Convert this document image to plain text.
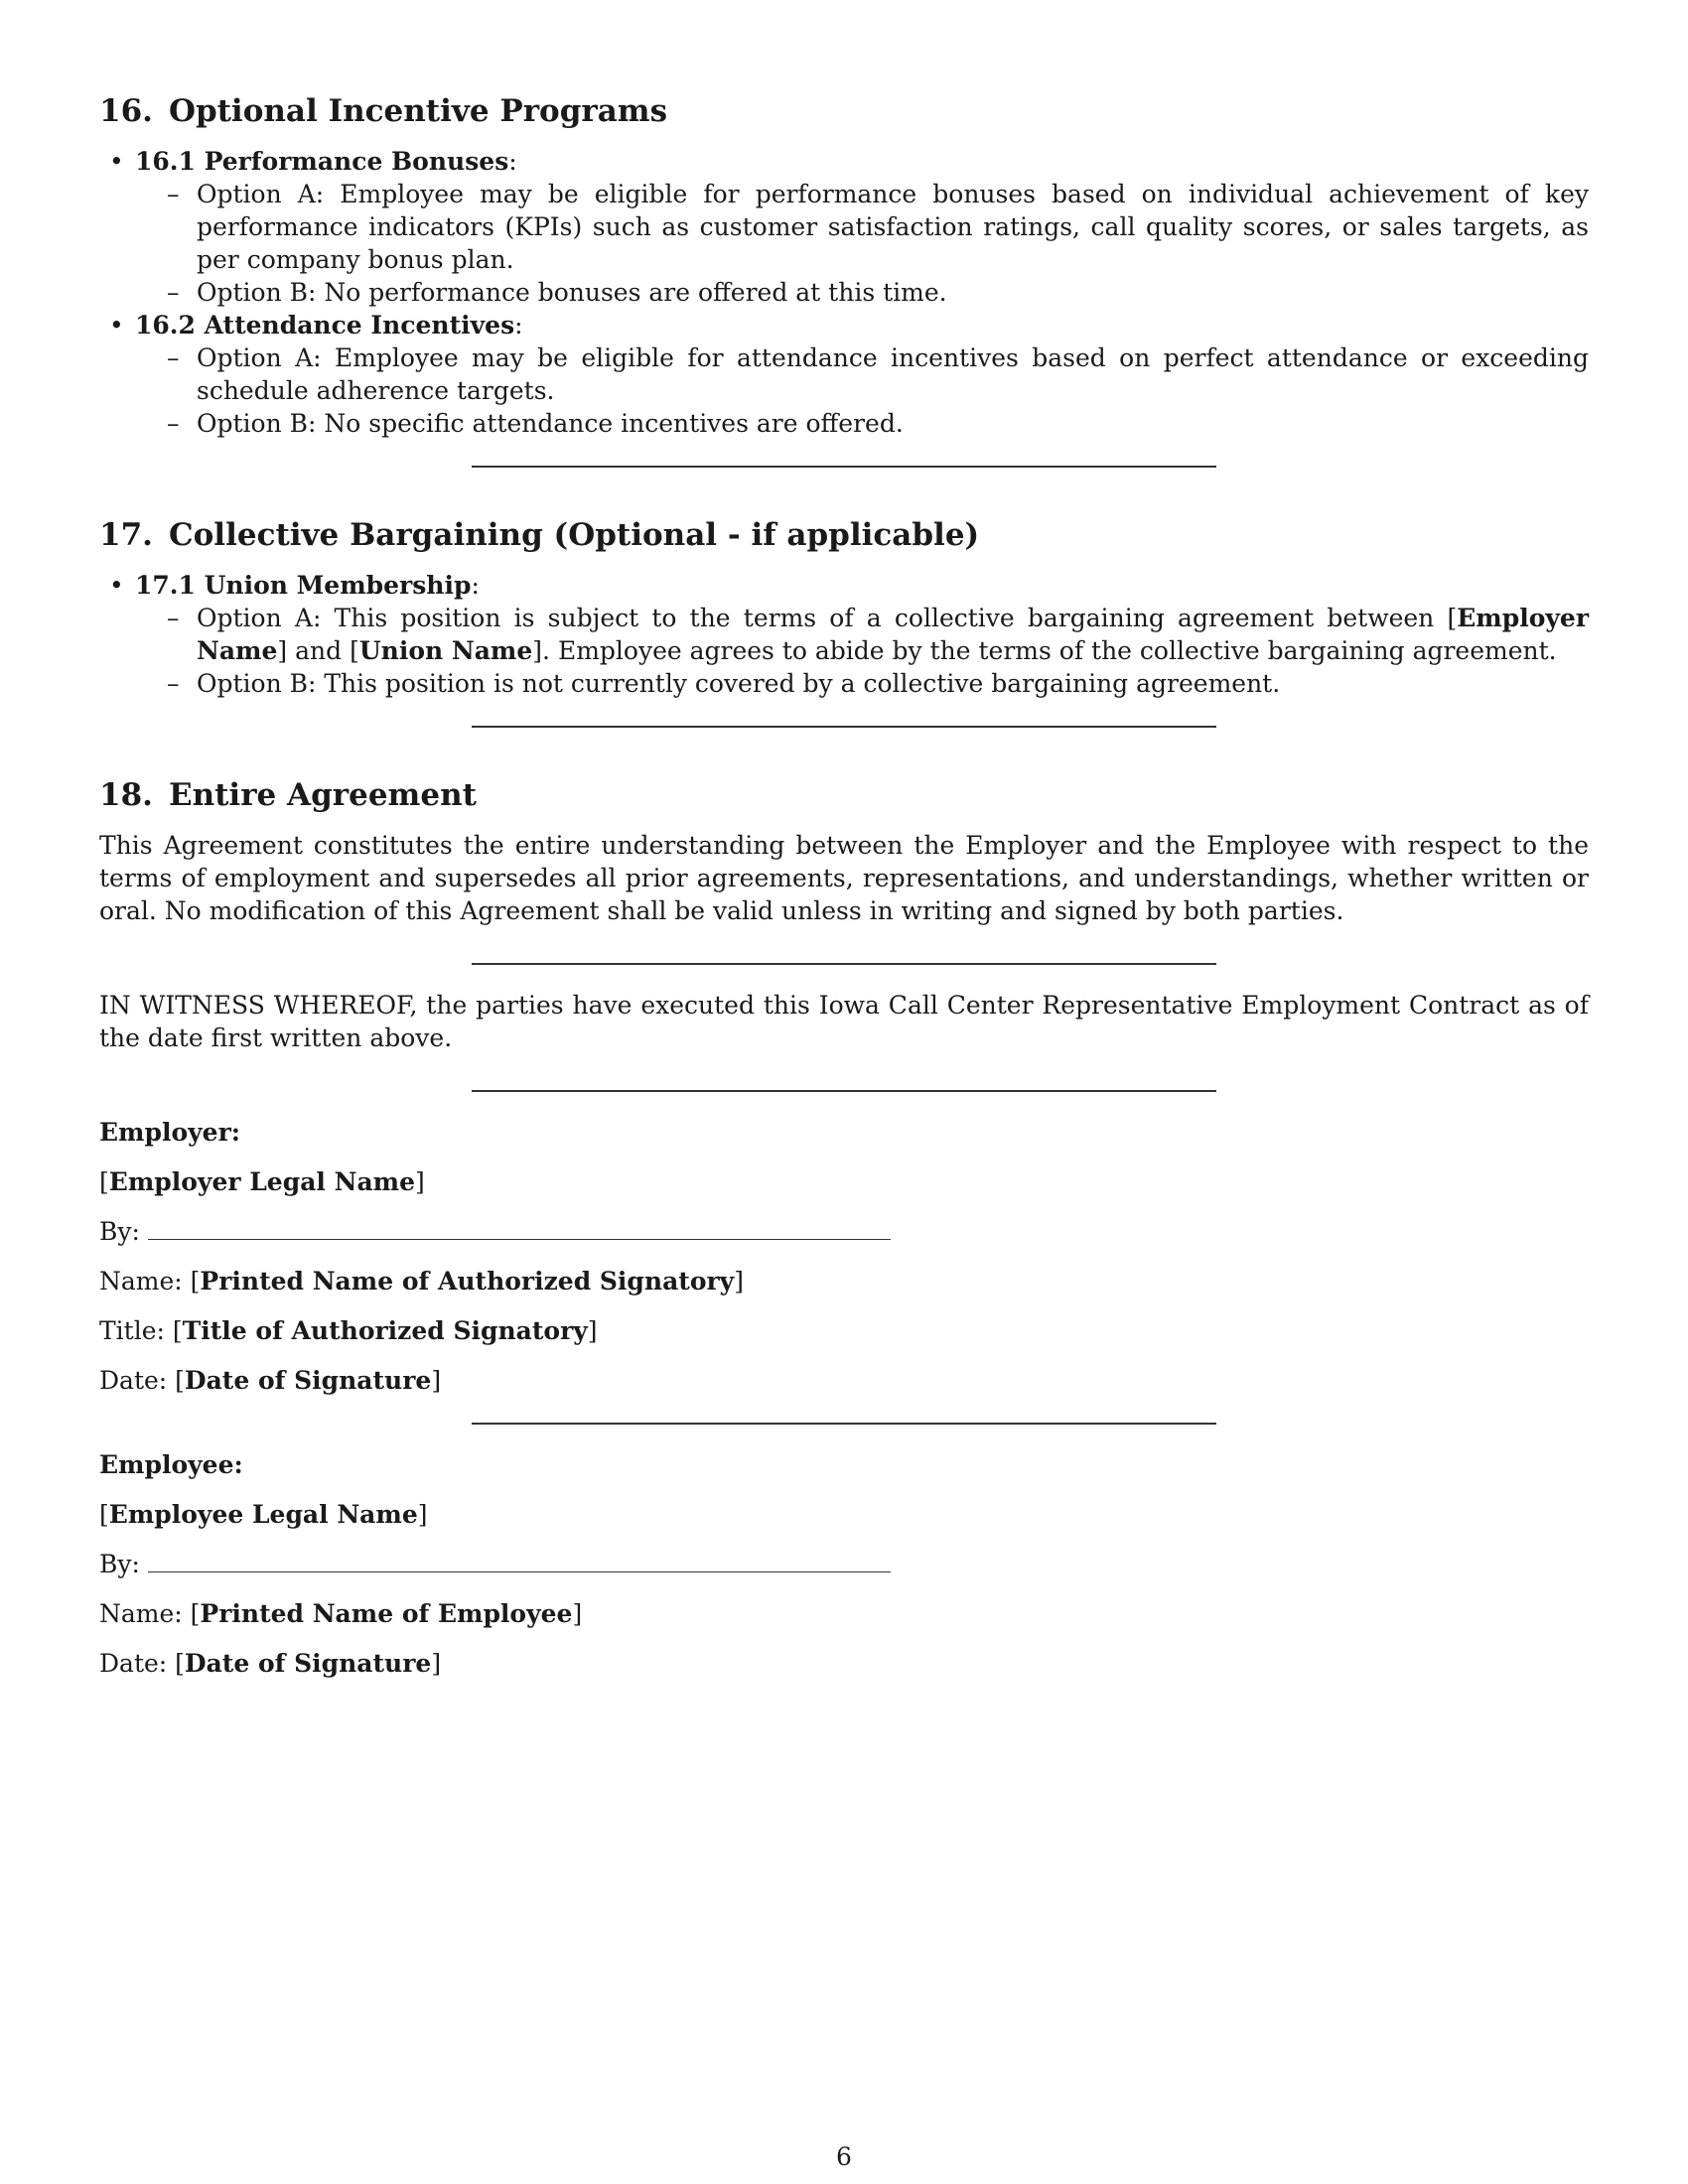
16. Optional Incentive Programs
• 16.1 Performance Bonuses:
– Option A: Employee may be eligible for performance bonuses based on individual achievement of key performance indicators (KPIs) such as customer satisfaction ratings, call quality scores, or sales targets, as per company bonus plan.
– Option B: No performance bonuses are offered at this time.
• 16.2 Attendance Incentives:
– Option A: Employee may be eligible for attendance incentives based on perfect attendance or exceeding schedule adherence targets.
– Option B: No specific attendance incentives are offered.
17. Collective Bargaining (Optional - if applicable)
• 17.1 Union Membership:
– Option A: This position is subject to the terms of a collective bargaining agreement between [Employer Name] and [Union Name]. Employee agrees to abide by the terms of the collective bargaining agreement.
– Option B: This position is not currently covered by a collective bargaining agreement.
18. Entire Agreement

This Agreement constitutes the entire understanding between the Employer and the Employee with respect to the terms of employment and supersedes all prior agreements, representations, and understandings, whether written or oral. No modification of this Agreement shall be valid unless in writing and signed by both parties.

IN WITNESS WHEREOF, the parties have executed this Iowa Call Center Representative Employment Contract as of the date first written above.

Employer:

[Employer Legal Name]

By:

Name: [Printed Name of Authorized Signatory]

Title: [Title of Authorized Signatory]

Date: [Date of Signature]

Employee:

[Employee Legal Name]

By:

Name: [Printed Name of Employee]

Date: [Date of Signature]

6
